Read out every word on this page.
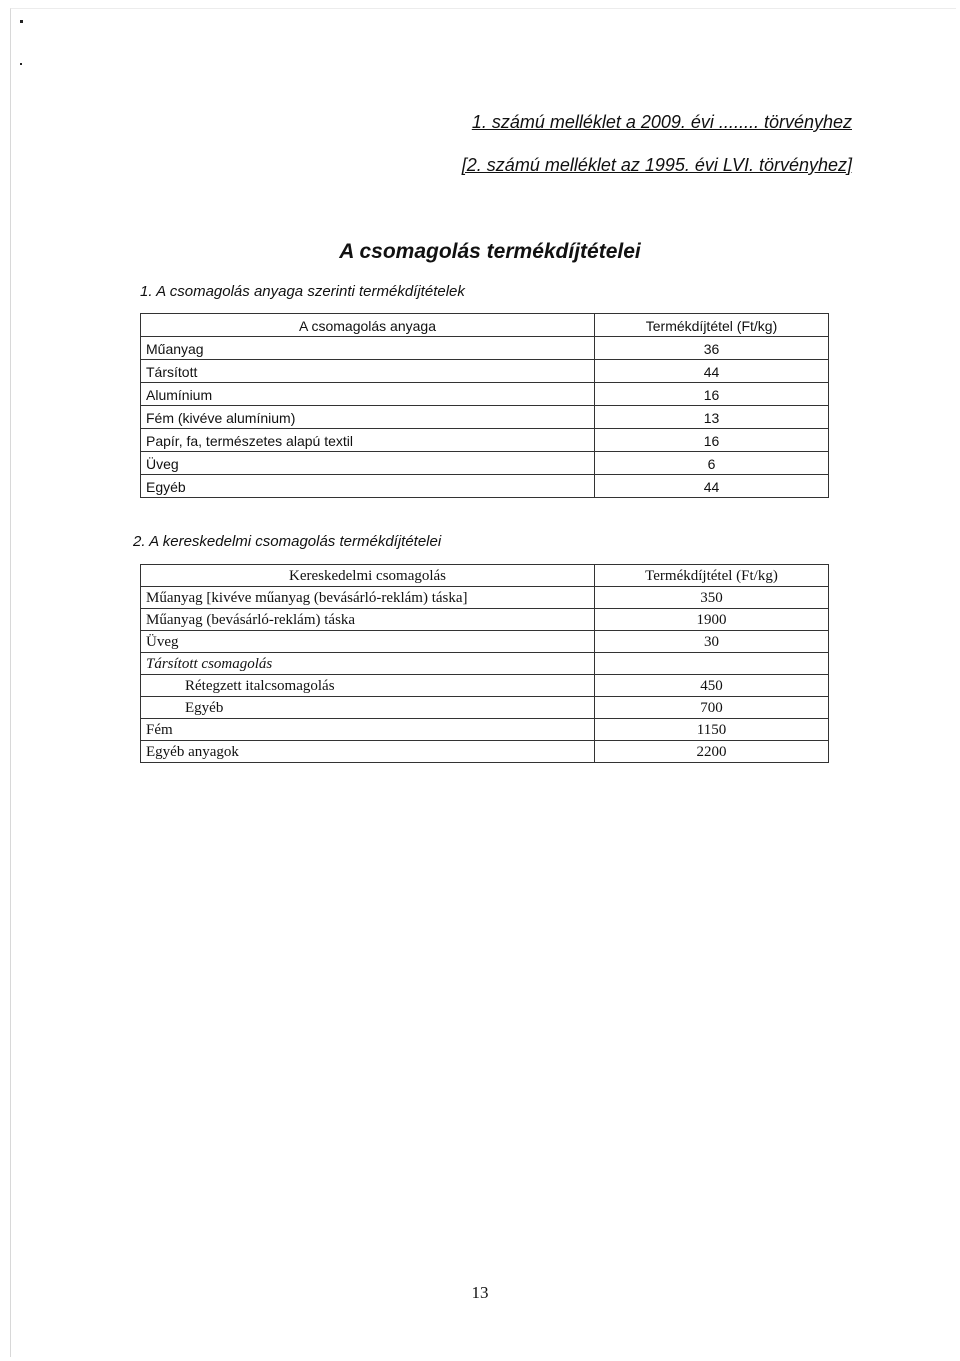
1. számú melléklet a 2009. évi ........ törvényhez
[2. számú melléklet az 1995. évi LVI. törvényhez]
A csomagolás termékdíjtételei
1. A csomagolás anyaga szerinti termékdíjtételek
A csomagolás anyaga	Termékdíjtétel (Ft/kg)
Műanyag	36
Társított	44
Alumínium	16
Fém (kivéve alumínium)	13
Papír, fa, természetes alapú textil	16
Üveg	6
Egyéb	44
2. A kereskedelmi csomagolás termékdíjtételei
Kereskedelmi csomagolás	Termékdíjtétel (Ft/kg)
Műanyag [kivéve műanyag (bevásárló-reklám) táska]	350
Műanyag (bevásárló-reklám) táska	1900
Üveg	30
Társított csomagolás	
Rétegzett italcsomagolás	450
Egyéb	700
Fém	1150
Egyéb anyagok	2200
13
